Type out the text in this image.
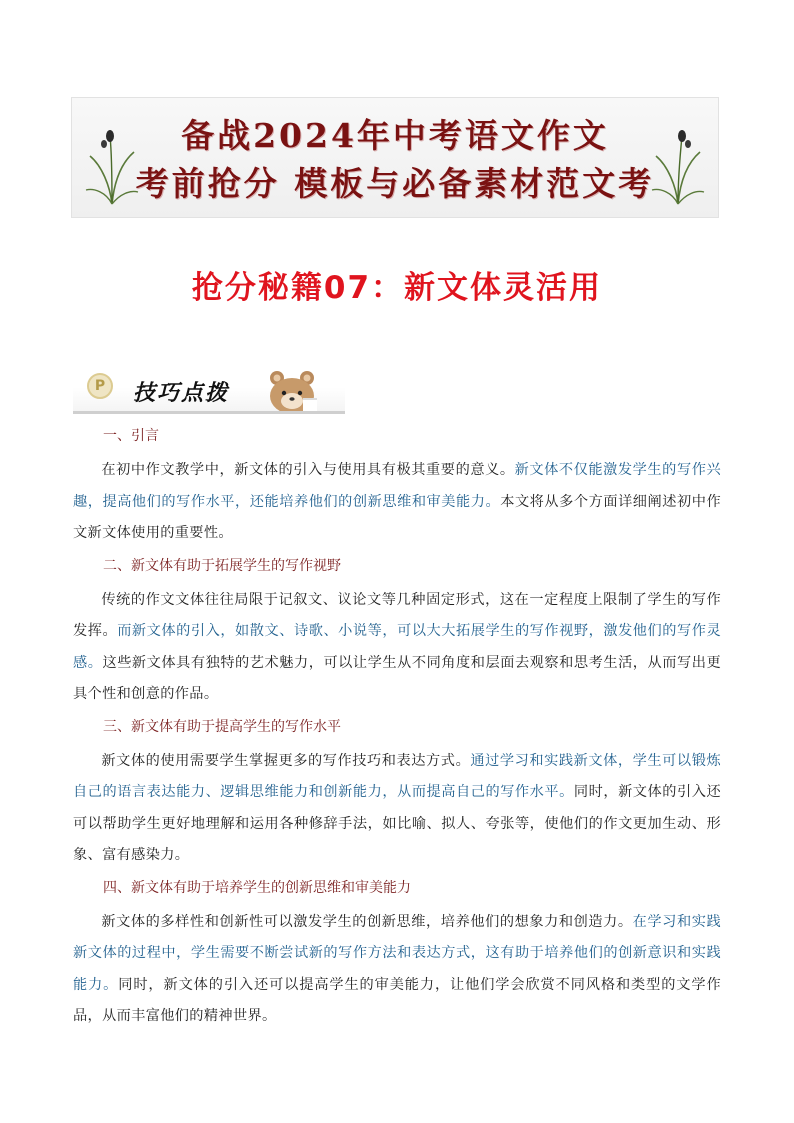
备战2024年中考语文作文
考前抢分 模板与必备素材范文考
抢分秘籍07：新文体灵活用
P	技巧点拨
一、引言
在初中作文教学中，新文体的引入与使用具有极其重要的意义。新文体不仅能激发学生的写作兴趣，提高他们的写作水平，还能培养他们的创新思维和审美能力。本文将从多个方面详细阐述初中作文新文体使用的重要性。
二、新文体有助于拓展学生的写作视野
传统的作文文体往往局限于记叙文、议论文等几种固定形式，这在一定程度上限制了学生的写作发挥。而新文体的引入，如散文、诗歌、小说等，可以大大拓展学生的写作视野，激发他们的写作灵感。这些新文体具有独特的艺术魅力，可以让学生从不同角度和层面去观察和思考生活，从而写出更具个性和创意的作品。
三、新文体有助于提高学生的写作水平
新文体的使用需要学生掌握更多的写作技巧和表达方式。通过学习和实践新文体，学生可以锻炼自己的语言表达能力、逻辑思维能力和创新能力，从而提高自己的写作水平。同时，新文体的引入还可以帮助学生更好地理解和运用各种修辞手法，如比喻、拟人、夸张等，使他们的作文更加生动、形象、富有感染力。
四、新文体有助于培养学生的创新思维和审美能力
新文体的多样性和创新性可以激发学生的创新思维，培养他们的想象力和创造力。在学习和实践新文体的过程中，学生需要不断尝试新的写作方法和表达方式，这有助于培养他们的创新意识和实践能力。同时，新文体的引入还可以提高学生的审美能力，让他们学会欣赏不同风格和类型的文学作品，从而丰富他们的精神世界。
